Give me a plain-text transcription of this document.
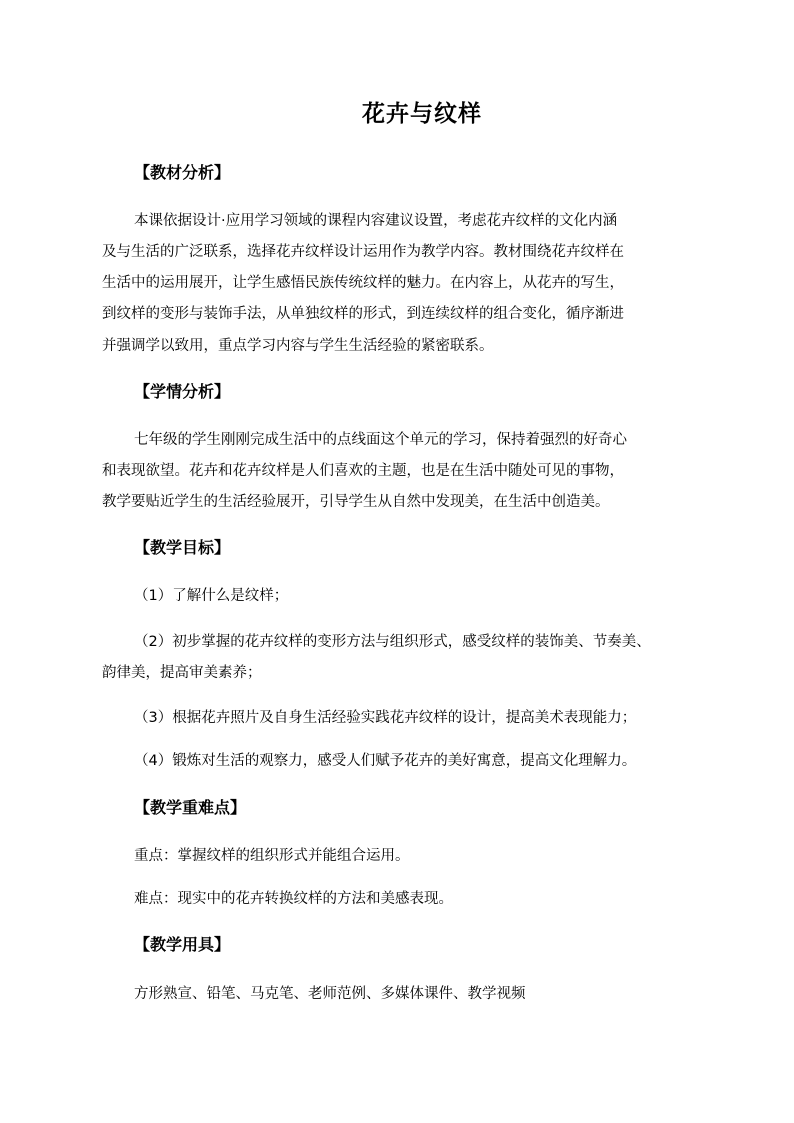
花卉与纹样
【教材分析】
本课依据设计·应用学习领域的课程内容建议设置，考虑花卉纹样的文化内涵
及与生活的广泛联系，选择花卉纹样设计运用作为教学内容。教材围绕花卉纹样在
生活中的运用展开，让学生感悟民族传统纹样的魅力。在内容上，从花卉的写生，
到纹样的变形与装饰手法，从单独纹样的形式，到连续纹样的组合变化，循序渐进
并强调学以致用，重点学习内容与学生生活经验的紧密联系。
【学情分析】
七年级的学生刚刚完成生活中的点线面这个单元的学习，保持着强烈的好奇心
和表现欲望。花卉和花卉纹样是人们喜欢的主题，也是在生活中随处可见的事物，
教学要贴近学生的生活经验展开，引导学生从自然中发现美，在生活中创造美。
【教学目标】
（1）了解什么是纹样；
（2）初步掌握的花卉纹样的变形方法与组织形式，感受纹样的装饰美、节奏美、
韵律美，提高审美素养；
（3）根据花卉照片及自身生活经验实践花卉纹样的设计，提高美术表现能力；
（4）锻炼对生活的观察力，感受人们赋予花卉的美好寓意，提高文化理解力。
【教学重难点】
重点：掌握纹样的组织形式并能组合运用。
难点：现实中的花卉转换纹样的方法和美感表现。
【教学用具】
方形熟宣、铅笔、马克笔、老师范例、多媒体课件、教学视频
